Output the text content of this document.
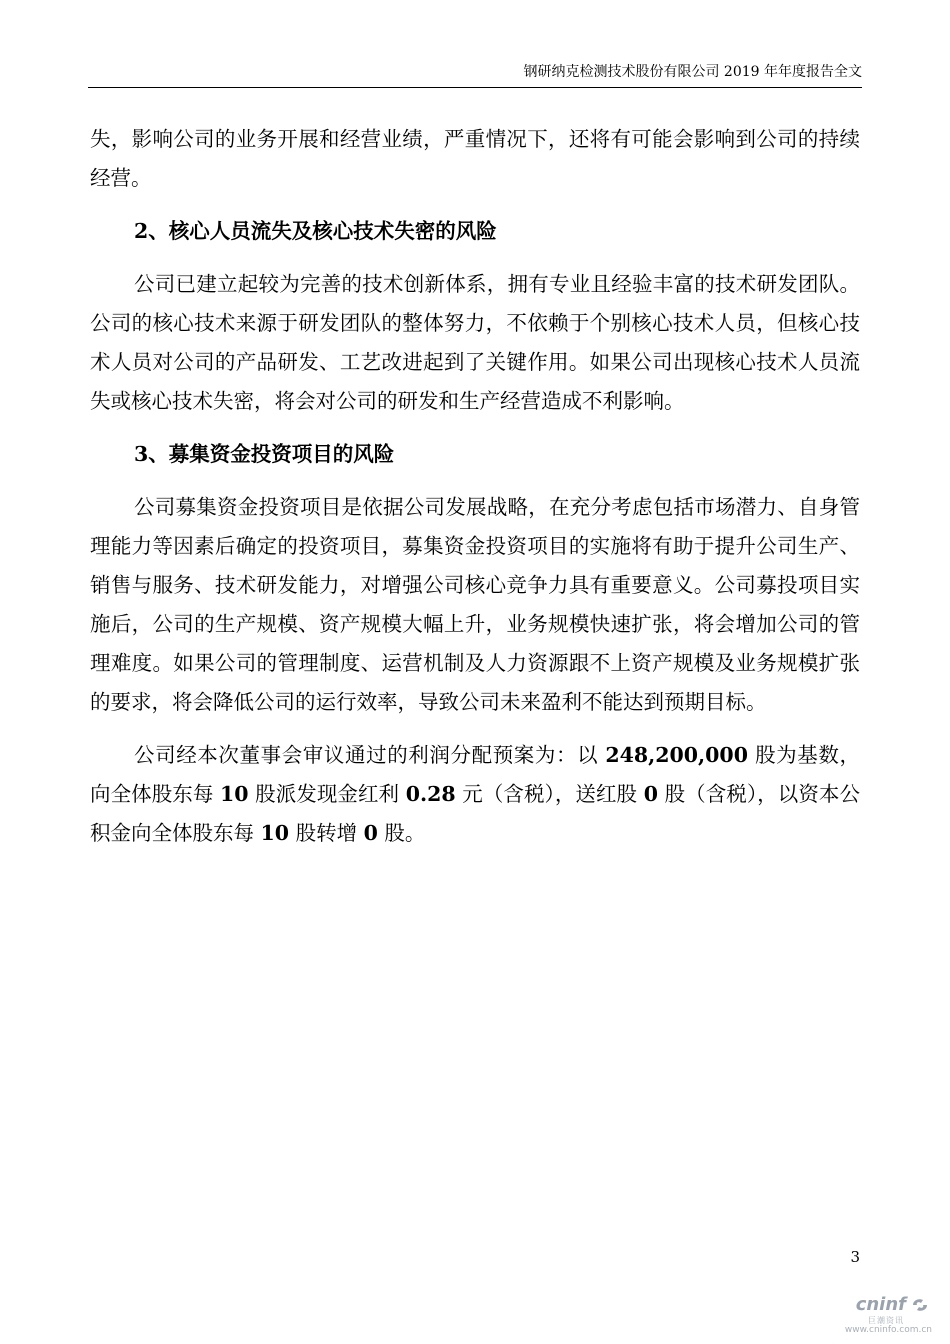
钢研纳克检测技术股份有限公司 2019 年年度报告全文

失，影响公司的业务开展和经营业绩，严重情况下，还将有可能会影响到公司的持续经营。

2、核心人员流失及核心技术失密的风险

公司已建立起较为完善的技术创新体系，拥有专业且经验丰富的技术研发团队。公司的核心技术来源于研发团队的整体努力，不依赖于个别核心技术人员，但核心技术人员对公司的产品研发、工艺改进起到了关键作用。如果公司出现核心技术人员流失或核心技术失密，将会对公司的研发和生产经营造成不利影响。

3、募集资金投资项目的风险

公司募集资金投资项目是依据公司发展战略，在充分考虑包括市场潜力、自身管理能力等因素后确定的投资项目，募集资金投资项目的实施将有助于提升公司生产、销售与服务、技术研发能力，对增强公司核心竞争力具有重要意义。公司募投项目实施后，公司的生产规模、资产规模大幅上升，业务规模快速扩张，将会增加公司的管理难度。如果公司的管理制度、运营机制及人力资源跟不上资产规模及业务规模扩张的要求，将会降低公司的运行效率，导致公司未来盈利不能达到预期目标。

公司经本次董事会审议通过的利润分配预案为：以 248,200,000 股为基数，向全体股东每 10 股派发现金红利 0.28 元（含税），送红股 0 股（含税），以资本公积金向全体股东每 10 股转增 0 股。

3
cninf
巨潮资讯
www.cninfo.com.cn
